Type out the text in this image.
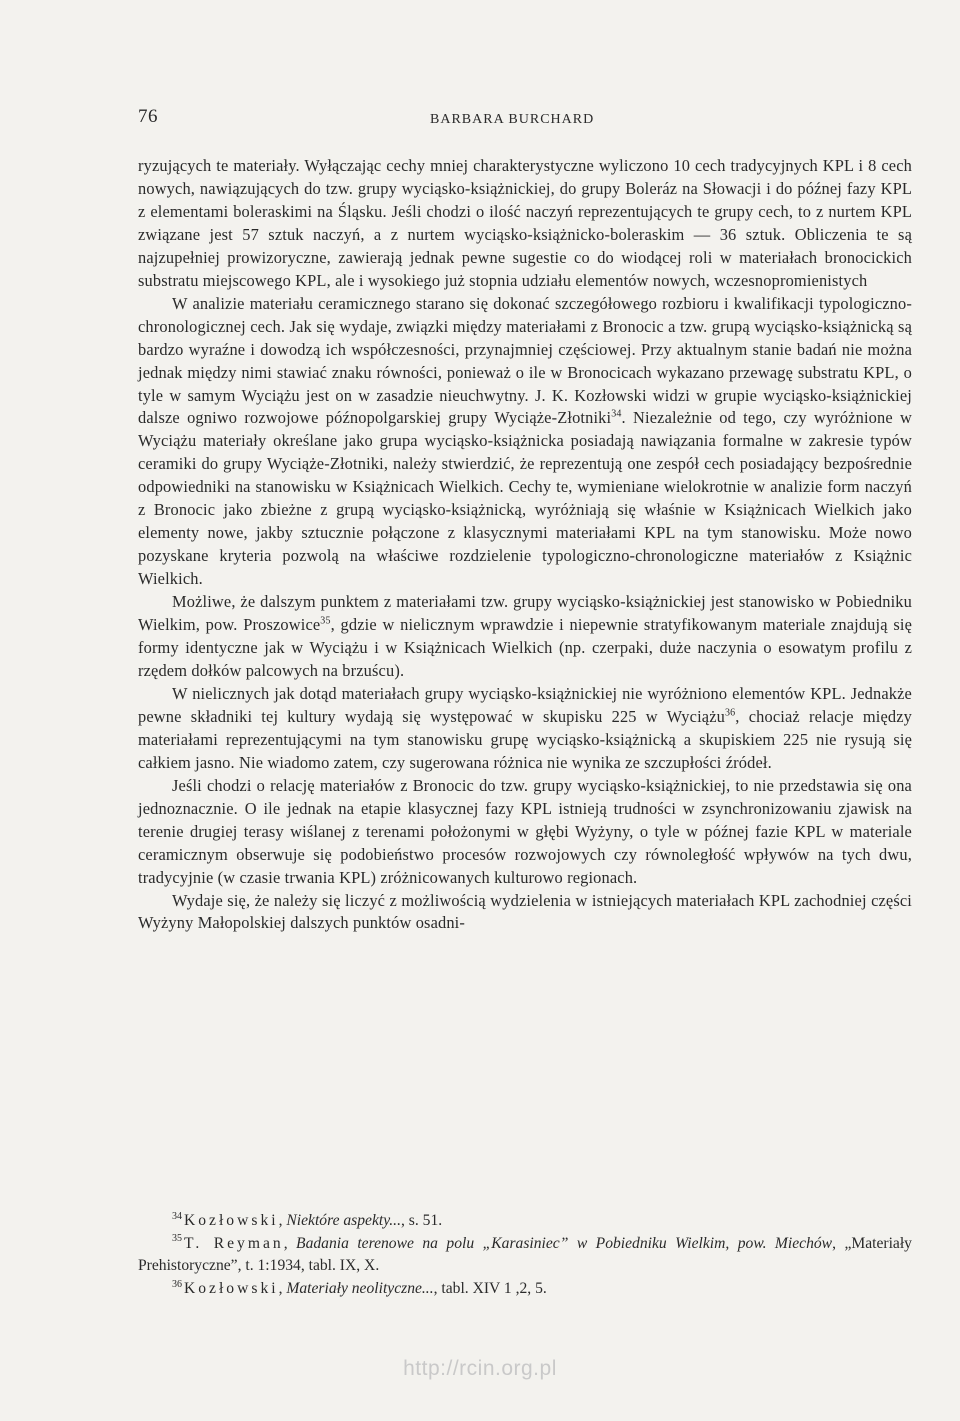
76	BARBARA BURCHARD

ryzujących te materiały. Wyłączając cechy mniej charakterystyczne wyliczono 10 cech tradycyjnych KPL i 8 cech nowych, nawiązujących do tzw. grupy wyciąsko-książnickiej, do grupy Boleráz na Słowacji i do późnej fazy KPL z elementami boleraskimi na Śląsku. Jeśli chodzi o ilość naczyń reprezentujących te grupy cech, to z nurtem KPL związane jest 57 sztuk naczyń, a z nurtem wyciąsko-książnicko-boleraskim — 36 sztuk. Obliczenia te są najzupełniej prowizoryczne, zawierają jednak pewne sugestie co do wiodącej roli w materiałach bronocickich substratu miejscowego KPL, ale i wysokiego już stopnia udziału elementów nowych, wczesnopromienistych

W analizie materiału ceramicznego starano się dokonać szczegółowego rozbioru i kwalifikacji typologiczno-chronologicznej cech. Jak się wydaje, związki między materiałami z Bronocic a tzw. grupą wyciąsko-książnicką są bardzo wyraźne i dowodzą ich współczesności, przynajmniej częściowej. Przy aktualnym stanie badań nie można jednak między nimi stawiać znaku równości, ponieważ o ile w Bronocicach wykazano przewagę substratu KPL, o tyle w samym Wyciążu jest on w zasadzie nieuchwytny. J. K. Kozłowski widzi w grupie wyciąsko-książnickiej dalsze ogniwo rozwojowe późnopolgarskiej grupy Wyciąże-Złotniki$^{34}$. Niezależnie od tego, czy wyróżnione w Wyciążu materiały określane jako grupa wyciąsko-książnicka posiadają nawiązania formalne w zakresie typów ceramiki do grupy Wyciąże-Złotniki, należy stwierdzić, że reprezentują one zespół cech posiadający bezpośrednie odpowiedniki na stanowisku w Książnicach Wielkich. Cechy te, wymieniane wielokrotnie w analizie form naczyń z Bronocic jako zbieżne z grupą wyciąsko-książnicką, wyróżniają się właśnie w Książnicach Wielkich jako elementy nowe, jakby sztucznie połączone z klasycznymi materiałami KPL na tym stanowisku. Może nowo pozyskane kryteria pozwolą na właściwe rozdzielenie typologiczno-chronologiczne materiałów z Książnic Wielkich.

Możliwe, że dalszym punktem z materiałami tzw. grupy wyciąsko-książnickiej jest stanowisko w Pobiedniku Wielkim, pow. Proszowice$^{35}$, gdzie w nielicznym wprawdzie i niepewnie stratyfikowanym materiale znajdują się formy identyczne jak w Wyciążu i w Książnicach Wielkich (np. czerpaki, duże naczynia o esowatym profilu z rzędem dołków palcowych na brzuścu).

W nielicznych jak dotąd materiałach grupy wyciąsko-książnickiej nie wyróżniono elementów KPL. Jednakże pewne składniki tej kultury wydają się występować w skupisku 225 w Wyciążu$^{36}$, chociaż relacje między materiałami reprezentującymi na tym stanowisku grupę wyciąsko-książnicką a skupiskiem 225 nie rysują się całkiem jasno. Nie wiadomo zatem, czy sugerowana różnica nie wynika ze szczupłości źródeł.

Jeśli chodzi o relację materiałów z Bronocic do tzw. grupy wyciąsko-książnickiej, to nie przedstawia się ona jednoznacznie. O ile jednak na etapie klasycznej fazy KPL istnieją trudności w zsynchronizowaniu zjawisk na terenie drugiej terasy wiślanej z terenami położonymi w głębi Wyżyny, o tyle w późnej fazie KPL w materiale ceramicznym obserwuje się podobieństwo procesów rozwojowych czy równoległość wpływów na tych dwu, tradycyjnie (w czasie trwania KPL) zróżnicowanych kulturowo regionach.

Wydaje się, że należy się liczyć z możliwością wydzielenia w istniejących materiałach KPL zachodniej części Wyżyny Małopolskiej dalszych punktów osadni-

$^{34}$ Kozłowski, Niektóre aspekty..., s. 51.

$^{35}$ T. Reyman, Badania terenowe na polu „Karasiniec” w Pobiedniku Wielkim, pow. Miechów, „Materiały Prehistoryczne”, t. 1:1934, tabl. IX, X.

$^{36}$ Kozłowski, Materiały neolityczne..., tabl. XIV 1 ,2, 5.

http://rcin.org.pl
